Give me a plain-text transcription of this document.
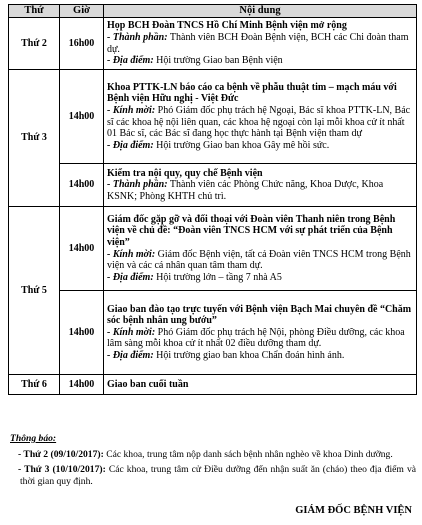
Thứ	Giờ	Nội dung
Thứ 2	16h00	Họp BCH Đoàn TNCS Hồ Chí Minh Bệnh viện mở rộng
- Thành phần: Thành viên BCH Đoàn Bệnh viện, BCH các Chi đoàn tham dự.
- Địa điểm: Hội trường Giao ban Bệnh viện

Thứ 3	14h00	Khoa PTTK-LN báo cáo ca bệnh về phẫu thuật tim – mạch máu với Bệnh viện Hữu nghị - Việt Đức
- Kính mời: Phó Giám đốc phụ trách hệ Ngoại, Bác sĩ khoa PTTK-LN, Bác sĩ các khoa hệ nội liên quan, các khoa hệ ngoại còn lại mỗi khoa cử ít nhất 01 Bác sĩ, các Bác sĩ đang học thực hành tại Bệnh viện tham dự
- Địa điểm: Hội trường Giao ban khoa Gây mê hồi sức.

	14h00	Kiểm tra nội quy, quy chế Bệnh viện
- Thành phần: Thành viên các Phòng Chức năng, Khoa Dược, Khoa KSNK; Phòng KHTH chủ trì.

Thứ 5	14h00	Giám đốc gặp gỡ và đối thoại với Đoàn viên Thanh niên trong Bệnh viện về chủ đề: “Đoàn viên TNCS HCM với sự phát triển của Bệnh viện”
- Kính mời: Giám đốc Bệnh viện, tất cả Đoàn viên TNCS HCM trong Bệnh viện và các cá nhân quan tâm tham dự.
- Địa điểm: Hội trường lớn – tầng 7 nhà A5

	14h00	Giao ban đào tạo trực tuyến với Bệnh viện Bạch Mai chuyên đề “Chăm sóc bệnh nhân ung bướu”
- Kính mời: Phó Giám đốc phụ trách hệ Nội, phòng Điều dưỡng, các khoa lâm sàng mỗi khoa cử ít nhất 02 điều dưỡng tham dự.
- Địa điểm: Hội trường giao ban khoa Chẩn đoán hình ảnh.

Thứ 6	14h00	Giao ban cuối tuần
Thông báo:
- Thứ 2 (09/10/2017): Các khoa, trung tâm nộp danh sách bệnh nhân nghèo về khoa Dinh dưỡng.
- Thứ 3 (10/10/2017): Các khoa, trung tâm cử Điều dưỡng đến nhận suất ăn (cháo) theo địa điểm và thời gian quy định.
GIÁM ĐỐC BỆNH VIỆN
